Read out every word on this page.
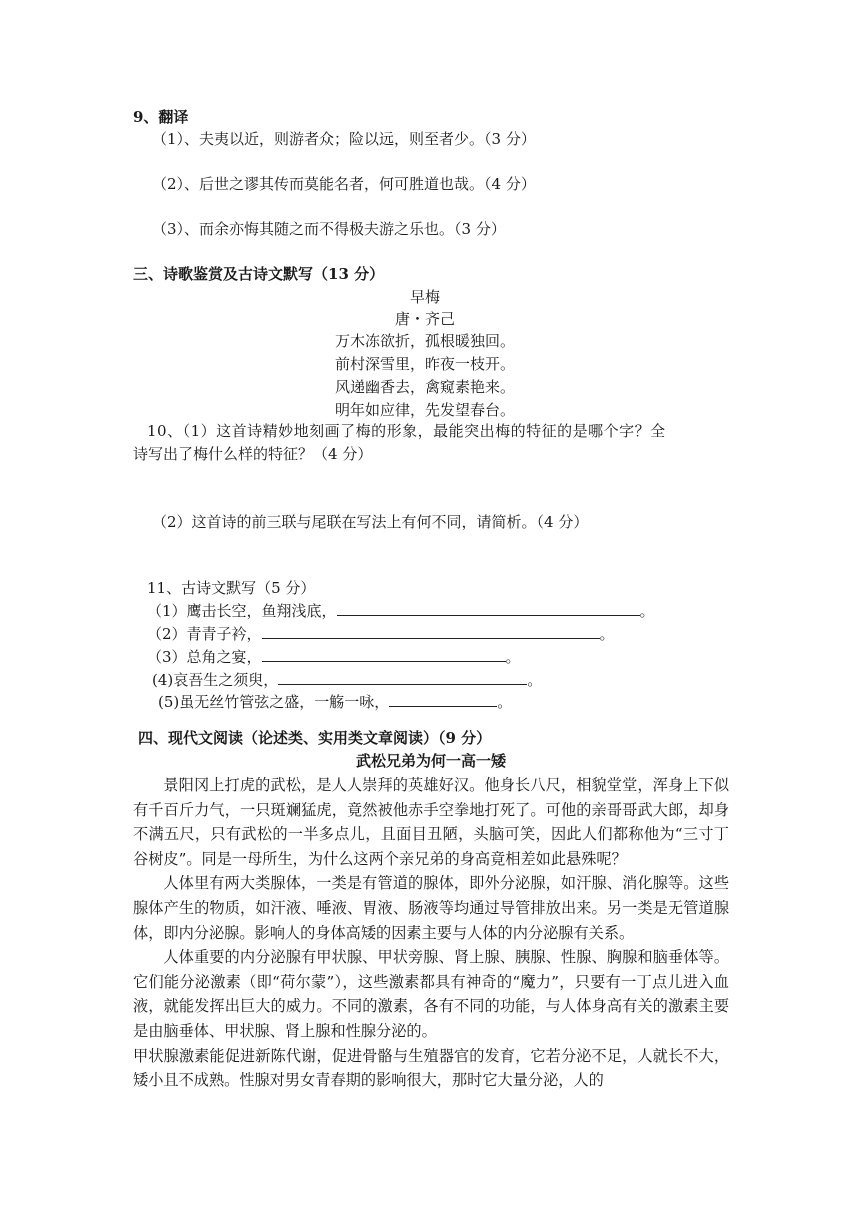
9、翻译
（1）、夫夷以近，则游者众；险以远，则至者少。（3 分）
（2）、后世之谬其传而莫能名者，何可胜道也哉。（4 分）
（3）、而余亦悔其随之而不得极夫游之乐也。（3 分）
三、诗歌鉴赏及古诗文默写（13 分）
早梅
唐・齐己
万木冻欲折，孤根暖独回。
前村深雪里，昨夜一枝开。
风递幽香去，禽窥素艳来。
明年如应律，先发望春台。
10、（1）这首诗精妙地刻画了梅的形象，最能突出梅的特征的是哪个字？全
诗写出了梅什么样的特征？（4 分）
（2）这首诗的前三联与尾联在写法上有何不同，请简析。（4 分）
11、古诗文默写（5 分）
（1）鹰击长空，鱼翔浅底，	。
（2）青青子衿，	。
（3）总角之宴，	。
(4)哀吾生之须臾，	。
(5)虽无丝竹管弦之盛，一觞一咏，	。
四、现代文阅读（论述类、实用类文章阅读）（9 分）
武松兄弟为何一高一矮

景阳冈上打虎的武松，是人人崇拜的英雄好汉。他身长八尺，相貌堂堂，浑身上下似有千百斤力气，一只斑斓猛虎，竟然被他赤手空拳地打死了。可他的亲哥哥武大郎，却身不满五尺，只有武松的一半多点儿，且面目丑陋，头脑可笑，因此人们都称他为“三寸丁谷树皮”。同是一母所生，为什么这两个亲兄弟的身高竟相差如此悬殊呢？

人体里有两大类腺体，一类是有管道的腺体，即外分泌腺，如汗腺、消化腺等。这些腺体产生的物质，如汗液、唾液、胃液、肠液等均通过导管排放出来。另一类是无管道腺体，即内分泌腺。影响人的身体高矮的因素主要与人体的内分泌腺有关系。

人体重要的内分泌腺有甲状腺、甲状旁腺、肾上腺、胰腺、性腺、胸腺和脑垂体等。它们能分泌激素（即“荷尔蒙”），这些激素都具有神奇的“魔力”，只要有一丁点儿进入血液，就能发挥出巨大的威力。不同的激素，各有不同的功能，与人体身高有关的激素主要是由脑垂体、甲状腺、肾上腺和性腺分泌的。

甲状腺激素能促进新陈代谢，促进骨骼与生殖器官的发育，它若分泌不足，人就长不大，矮小且不成熟。性腺对男女青春期的影响很大，那时它大量分泌，人的
